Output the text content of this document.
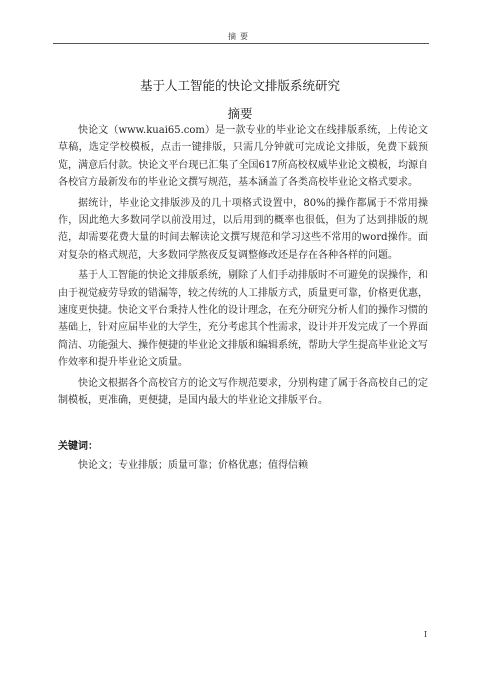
摘要
基于人工智能的快论文排版系统研究
摘要

快论文（www.kuai65.com）是一款专业的毕业论文在线排版系统，上传论文草稿，选定学校模板，点击一键排版，只需几分钟就可完成论文排版，免费下载预览，满意后付款。快论文平台现已汇集了全国617所高校权威毕业论文模板，均源自各校官方最新发布的毕业论文撰写规范，基本涵盖了各类高校毕业论文格式要求。

据统计，毕业论文排版涉及的几十项格式设置中，80%的操作都属于不常用操作，因此绝大多数同学以前没用过，以后用到的概率也很低，但为了达到排版的规范，却需要花费大量的时间去解读论文撰写规范和学习这些不常用的word操作。面对复杂的格式规范，大多数同学熬夜反复调整修改还是存在各种各样的问题。

基于人工智能的快论文排版系统，剔除了人们手动排版时不可避免的误操作，和由于视觉疲劳导致的错漏等，较之传统的人工排版方式，质量更可靠，价格更优惠，速度更快捷。快论文平台秉持人性化的设计理念，在充分研究分析人们的操作习惯的基础上，针对应届毕业的大学生，充分考虑其个性需求，设计并开发完成了一个界面简洁、功能强大、操作便捷的毕业论文排版和编辑系统，帮助大学生提高毕业论文写作效率和提升毕业论文质量。

快论文根据各个高校官方的论文写作规范要求，分别构建了属于各高校自己的定制模板，更准确，更便捷，是国内最大的毕业论文排版平台。

关键词：
快论文；专业排版；质量可靠；价格优惠；值得信赖
I
